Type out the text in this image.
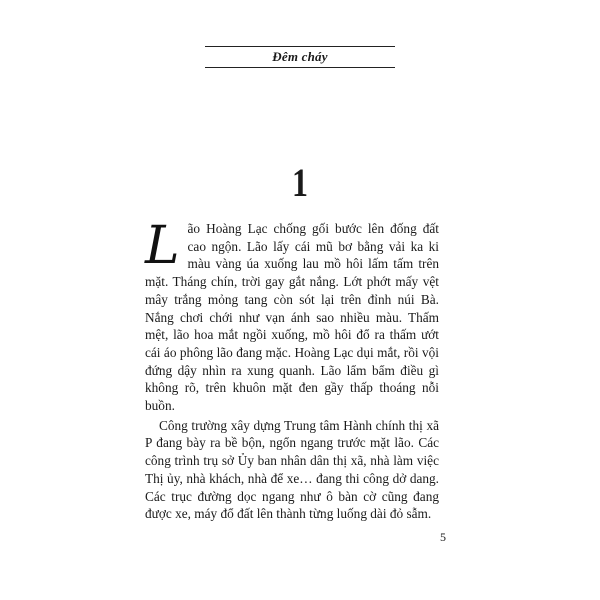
Đêm cháy
1

Lão Hoàng Lạc chống gối bước lên đống đất cao ngộn. Lão lấy cái mũ bơ bằng vải ka ki màu vàng úa xuống lau mồ hôi lấm tấm trên mặt. Tháng chín, trời gay gắt nắng. Lớt phớt mấy vệt mây trắng mỏng tang còn sót lại trên đỉnh núi Bà. Nắng chơi chới như vạn ánh sao nhiều màu. Thấm mệt, lão hoa mắt ngồi xuống, mồ hôi đổ ra thấm ướt cái áo phông lão đang mặc. Hoàng Lạc dụi mắt, rồi vội đứng dậy nhìn ra xung quanh. Lão lẩm bẩm điều gì không rõ, trên khuôn mặt đen gầy thấp thoáng nỗi buồn.

Công trường xây dựng Trung tâm Hành chính thị xã P đang bày ra bề bộn, ngổn ngang trước mặt lão. Các công trình trụ sở Ủy ban nhân dân thị xã, nhà làm việc Thị ủy, nhà khách, nhà để xe… đang thi công dở dang. Các trục đường dọc ngang như ô bàn cờ cũng đang được xe, máy đổ đất lên thành từng luống dài đỏ sẫm.

5
